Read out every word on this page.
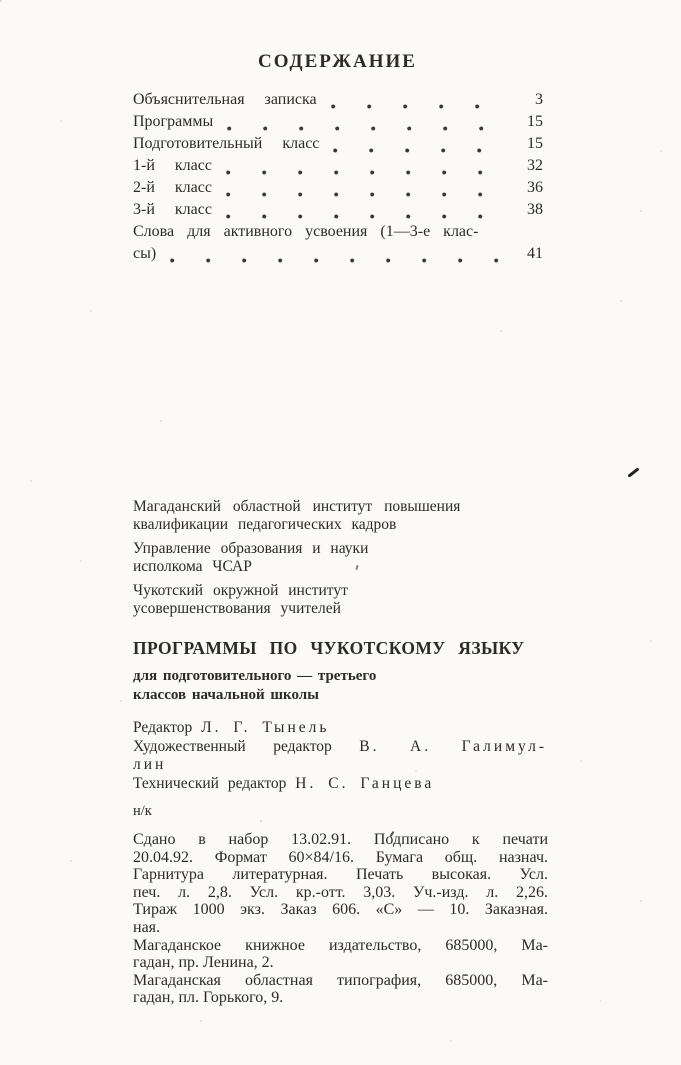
СОДЕРЖАНИЕ
Объяснительная записка	3
Программы	15
Подготовительный класс	15
1-й класс	32
2-й класс	36
3-й класс	38
Слова для активного усвоения (1—3-е клас-
сы)	41

Магаданский областной институт повышения
квалификации педагогических кадров

Управление образования и науки
исполкома ЧСАР

Чукотский окружной институт
усовершенствования учителей

ПРОГРАММЫ ПО ЧУКОТСКОМУ ЯЗЫКУ
для подготовительного — третьего
классов начальной школы
Редактор Л. Г. Тынель
Художественный редактор В. А. Галимул-
лин
Технический редактор Н. С. Ганцева
н/к
Сдано в набор 13.02.91. Подписано к печати
20.04.92. Формат 60×84/16. Бумага общ. назнач.
Гарнитура литературная. Печать высокая. Усл.
печ. л. 2,8. Усл. кр.-отт. 3,03. Уч.-изд. л. 2,26.
Тираж 1000 экз. Заказ 606. «С» — 10. Заказная.
ная.
Магаданское книжное издательство, 685000, Ма-
гадан, пр. Ленина, 2.
Магаданская областная типография, 685000, Ма-
гадан, пл. Горького, 9.
